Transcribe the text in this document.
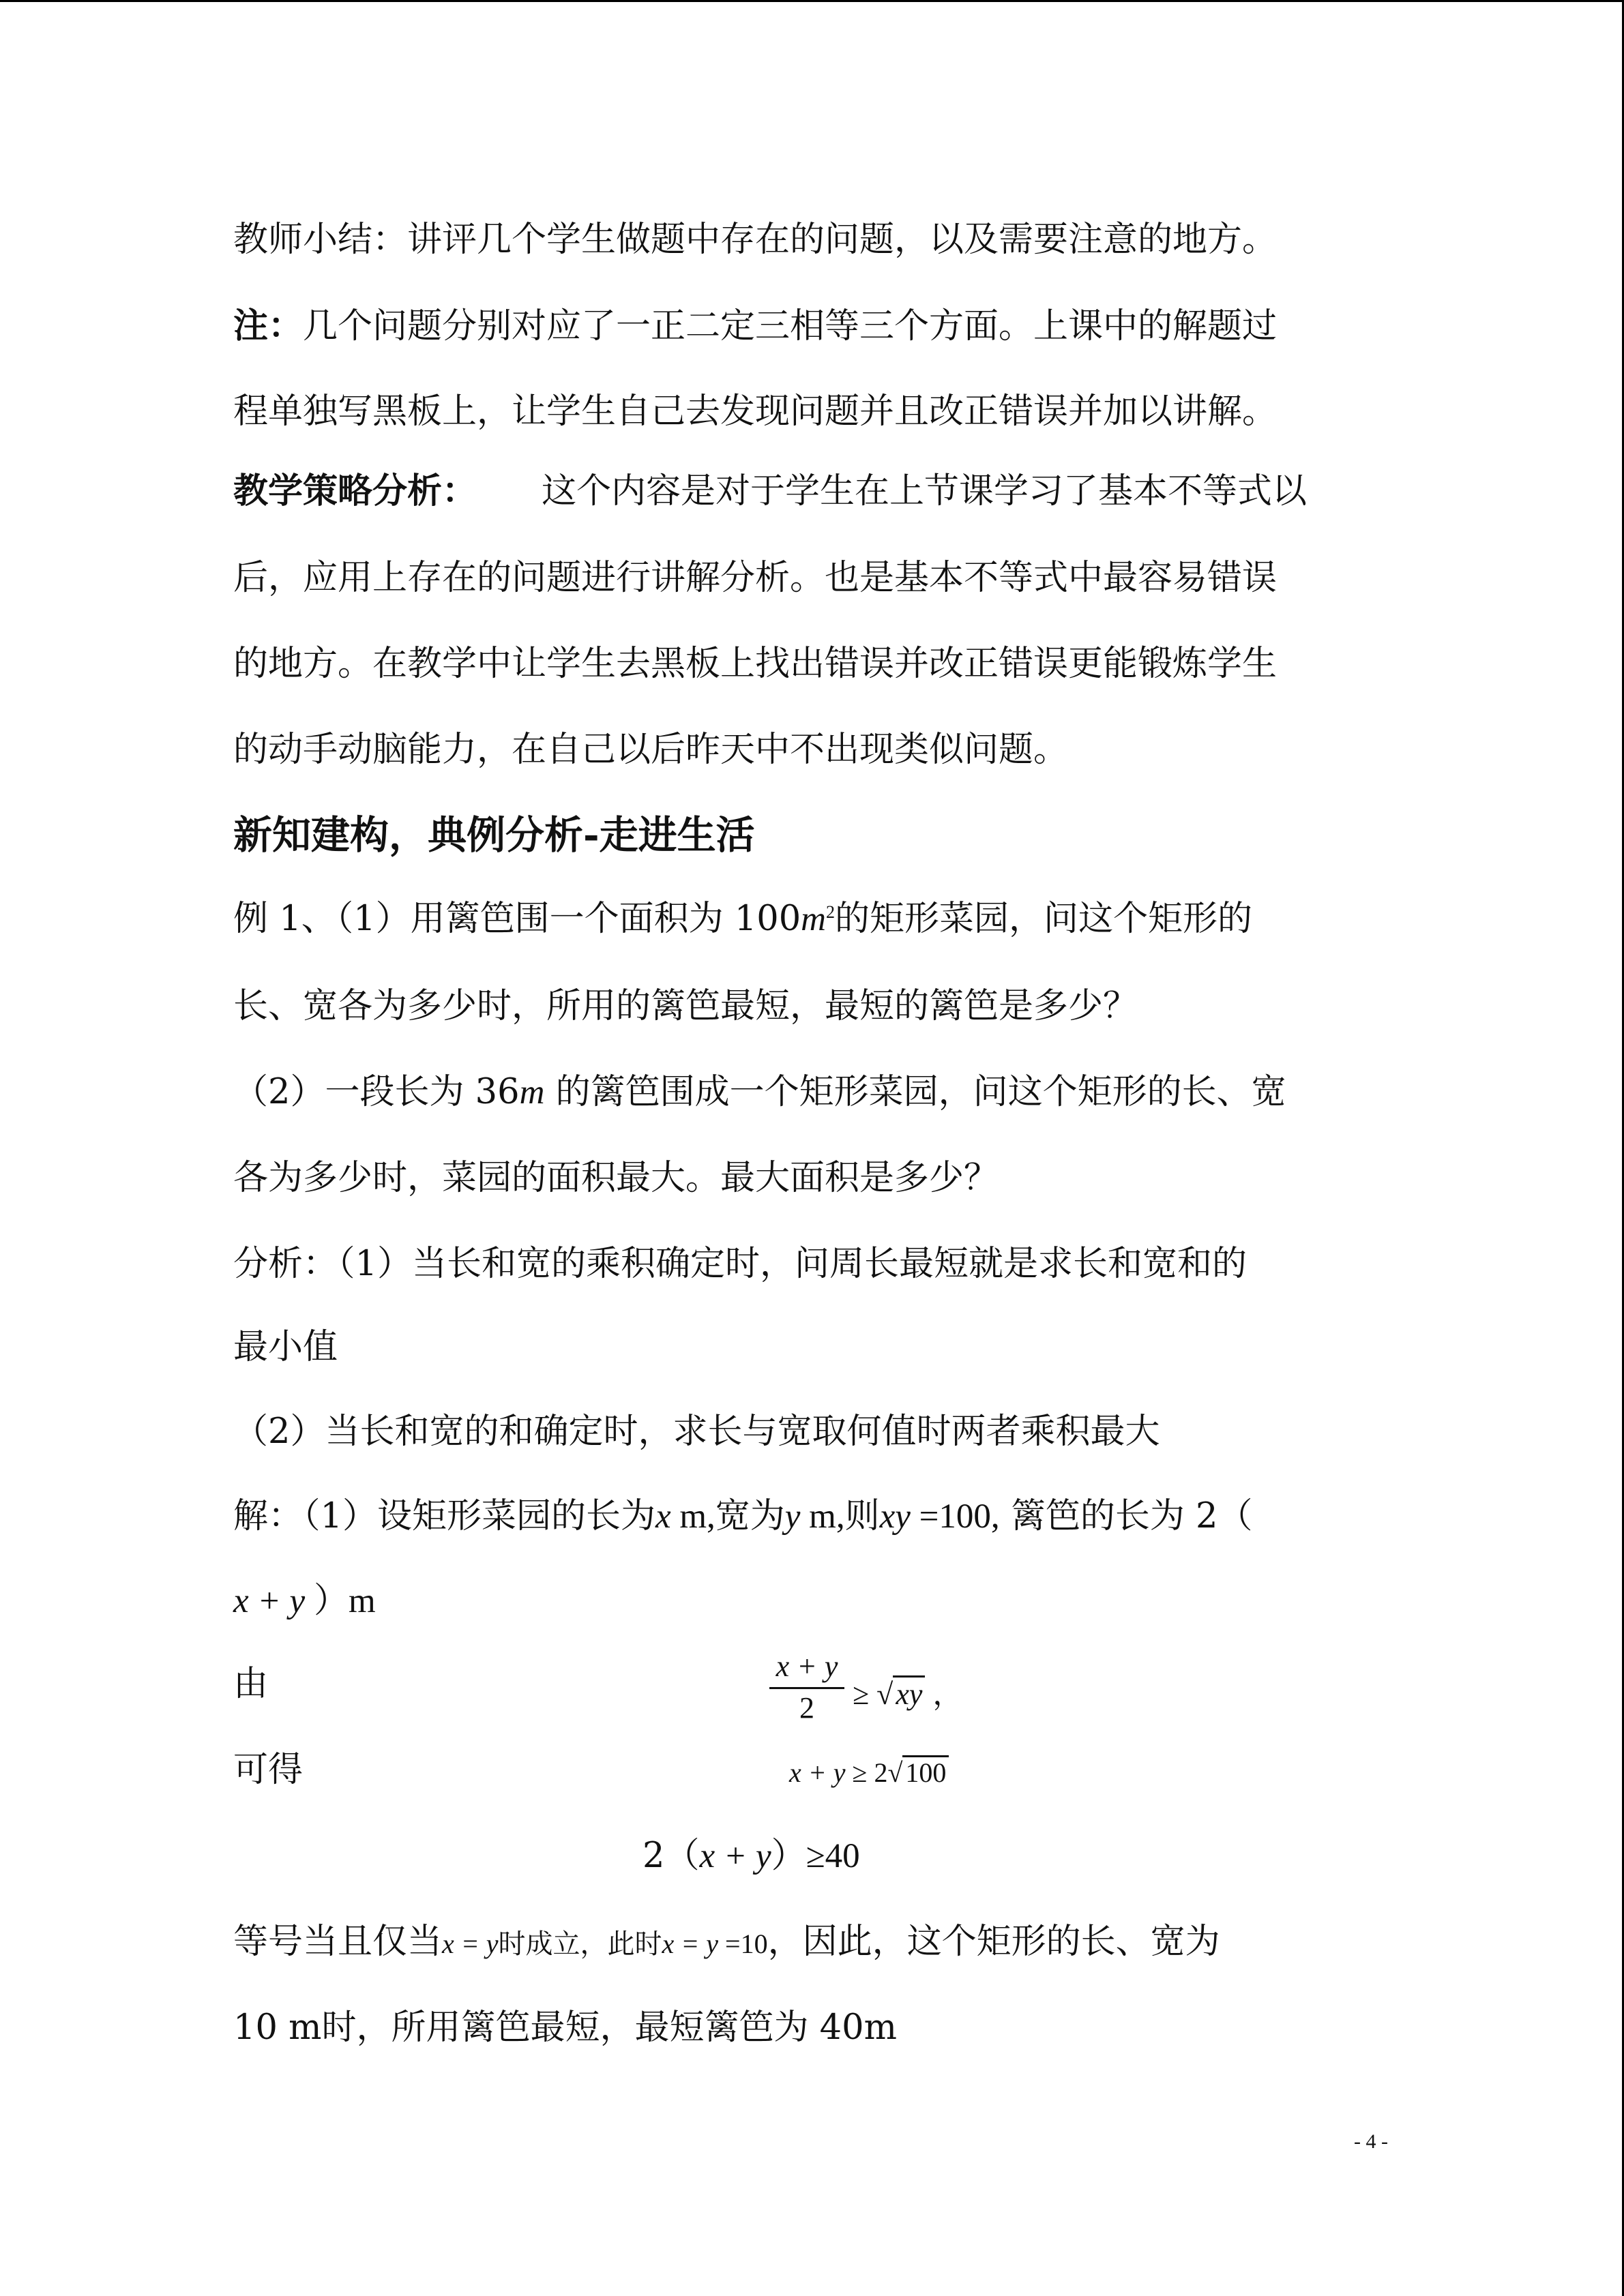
教师小结：讲评几个学生做题中存在的问题，以及需要注意的地方。
注：几个问题分别对应了一正二定三相等三个方面。上课中的解题过
程单独写黑板上，让学生自己去发现问题并且改正错误并加以讲解。
教学策略分析： 这个内容是对于学生在上节课学习了基本不等式以
后，应用上存在的问题进行讲解分析。也是基本不等式中最容易错误
的地方。在教学中让学生去黑板上找出错误并改正错误更能锻炼学生
的动手动脑能力，在自己以后昨天中不出现类似问题。
新知建构，典例分析-走进生活
例 1、（1）用篱笆围一个面积为 $100m^2$的矩形菜园，问这个矩形的
长、宽各为多少时，所用的篱笆最短，最短的篱笆是多少？
（2）一段长为 36m 的篱笆围成一个矩形菜园，问这个矩形的长、宽
各为多少时，菜园的面积最大。最大面积是多少？
分析：（1）当长和宽的乘积确定时，问周长最短就是求长和宽和的
最小值
（2）当长和宽的和确定时，求长与宽取何值时两者乘积最大
解：（1）设矩形菜园的长为x m,宽为y m,则xy =100, 篱笆的长为 2（
x + y ）m
由	$\frac{x + y}{2} \ge √xy$ ，
可得	x + y ≥ 2√ 100
2（x + y）≥40
等号当且仅当x = y时成立，此时x = y =10，因此，这个矩形的长、宽为
10 m时，所用篱笆最短，最短篱笆为 40m
- 4 -
